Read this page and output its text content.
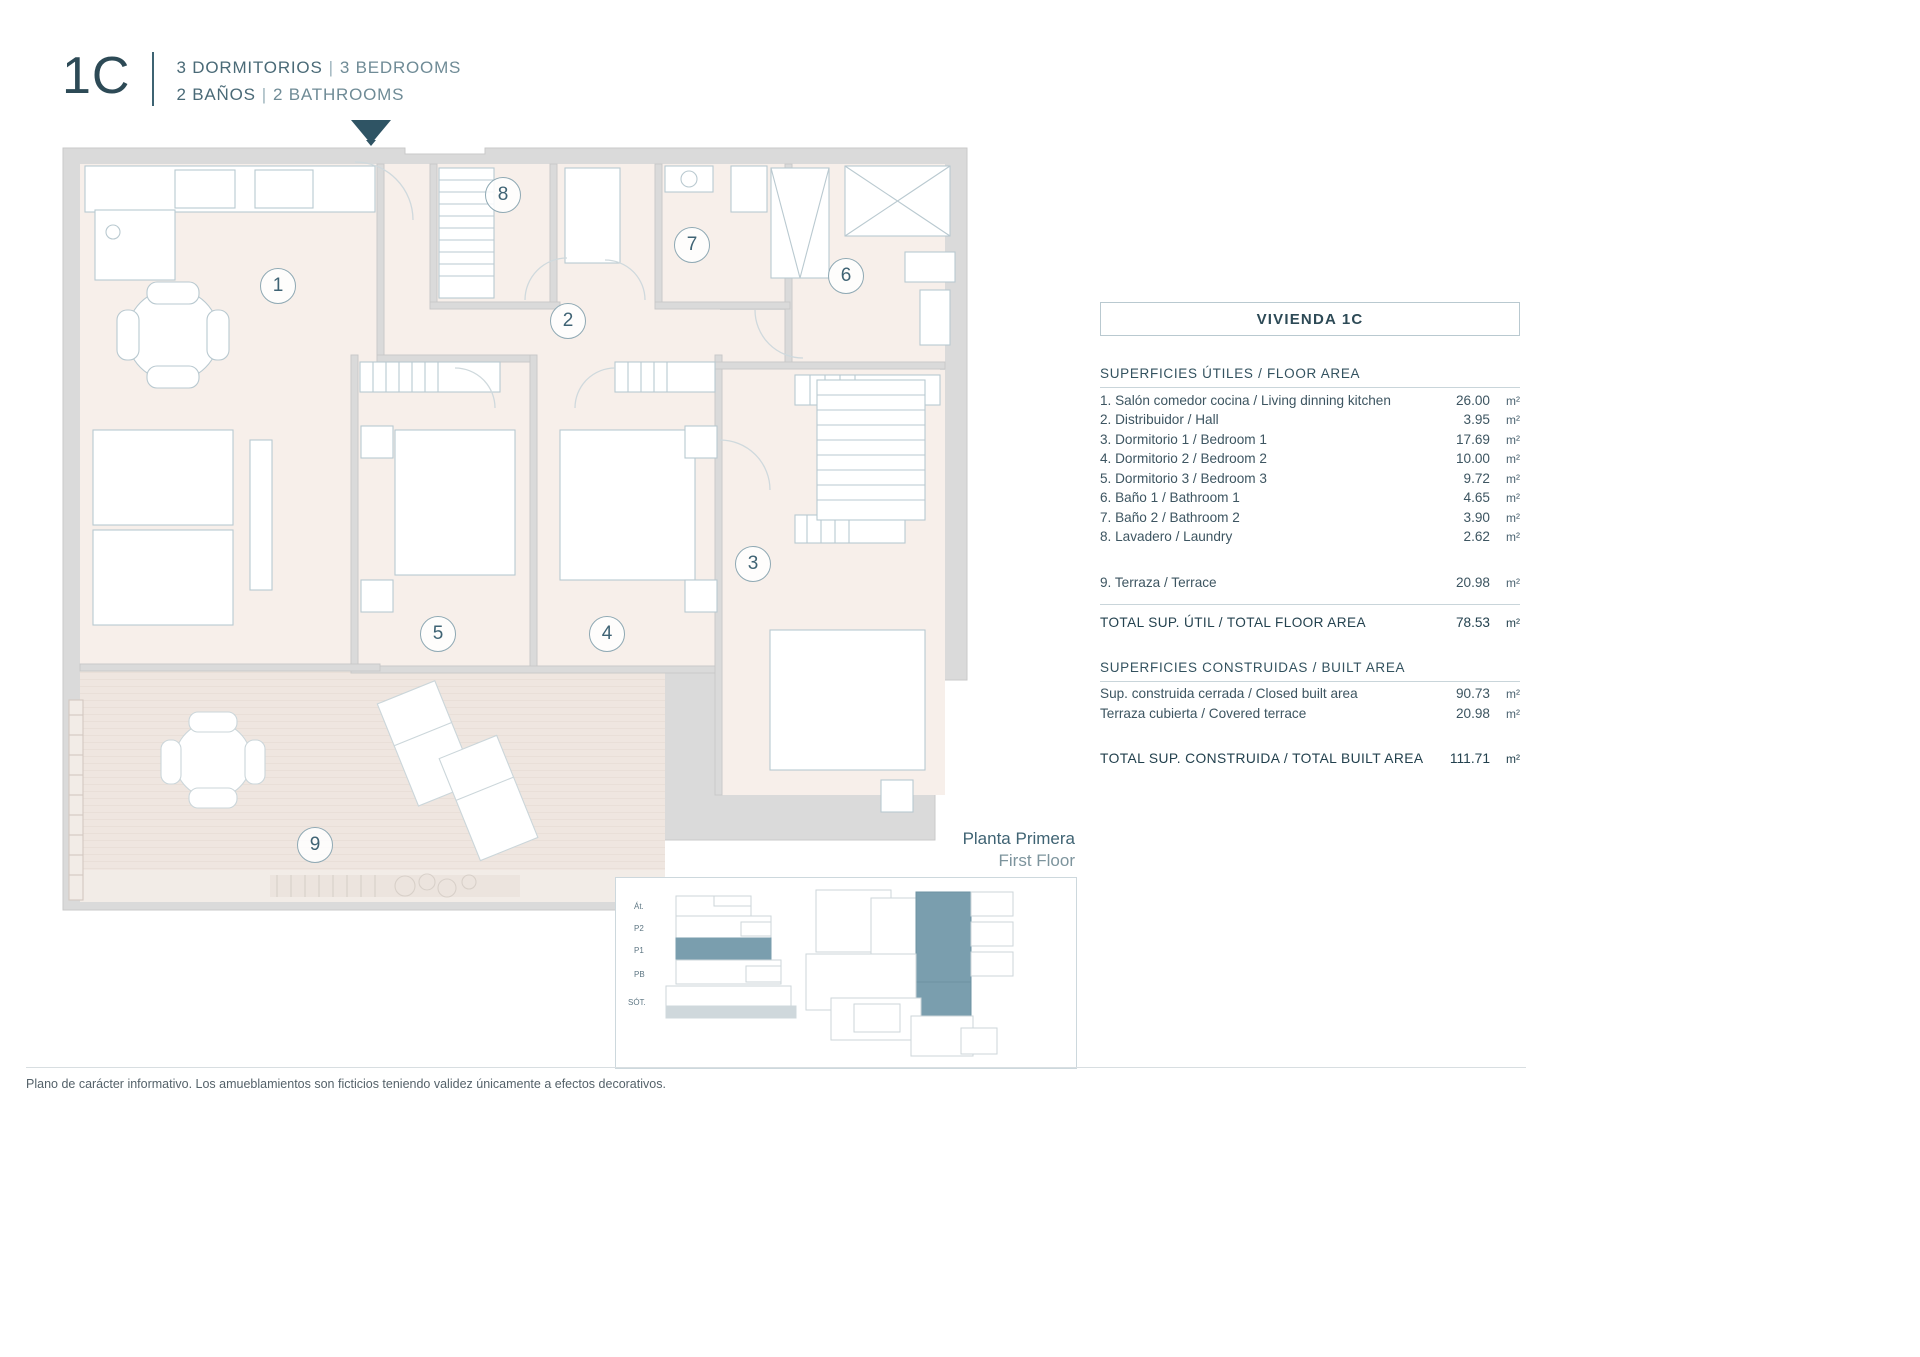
1C	3 DORMITORIOS | 3 BEDROOMS
2 BAÑOS | 2 BATHROOMS
1
2
3
4
5
6
7
8
9
VIVIENDA 1C
SUPERFICIES ÚTILES / FLOOR AREA
1. Salón comedor cocina / Living dinning kitchen	26.00	m²
2. Distribuidor / Hall	3.95	m²
3. Dormitorio 1 / Bedroom 1	17.69	m²
4. Dormitorio 2 / Bedroom 2	10.00	m²
5. Dormitorio 3 / Bedroom 3	9.72	m²
6. Baño 1 / Bathroom 1	4.65	m²
7. Baño 2 / Bathroom 2	3.90	m²
8. Lavadero / Laundry	2.62	m²
9. Terraza / Terrace	20.98	m²
TOTAL SUP. ÚTIL / TOTAL FLOOR AREA	78.53	m²
SUPERFICIES CONSTRUIDAS / BUILT AREA
Sup. construida cerrada / Closed built area	90.73	m²
Terraza cubierta / Covered terrace	20.98	m²
TOTAL SUP. CONSTRUIDA / TOTAL BUILT AREA	111.71	m²
Planta Primera
First Floor
Át.
P2
P1
PB
SÓT.
Plano de carácter informativo. Los amueblamientos son ficticios teniendo validez únicamente a efectos decorativos.
